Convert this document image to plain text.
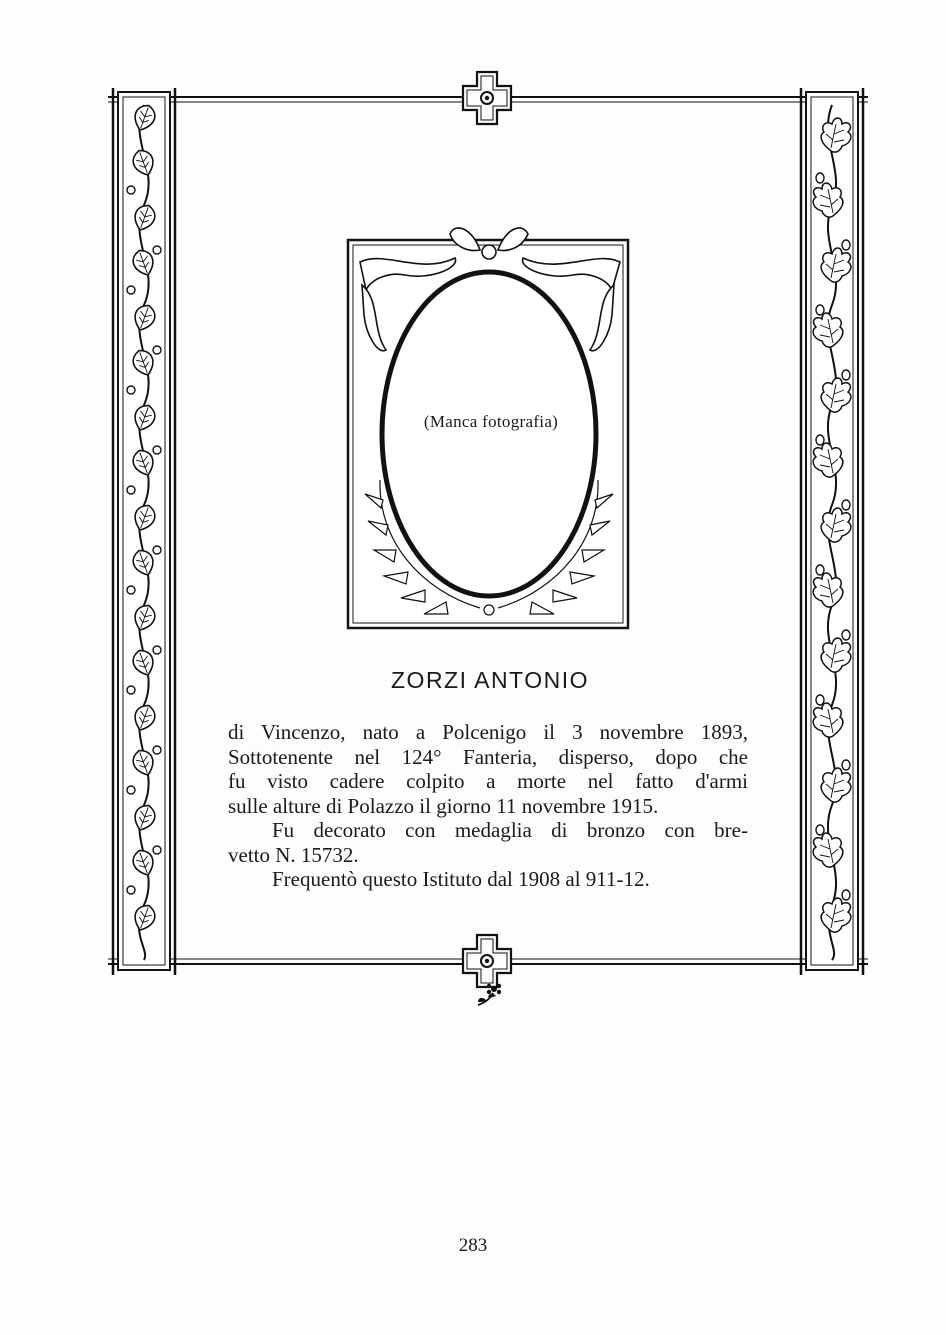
(Manca fotografia)
ZORZI ANTONIO

di Vincenzo, nato a Polcenigo il 3 novembre 1893,

Sottotenente nel 124° Fanteria, disperso, dopo che

fu visto cadere colpito a morte nel fatto d'armi

sulle alture di Polazzo il giorno 11 novembre 1915.

Fu decorato con medaglia di bronzo con bre-

vetto N. 15732.

Frequentò questo Istituto dal 1908 al 911-12.

283
